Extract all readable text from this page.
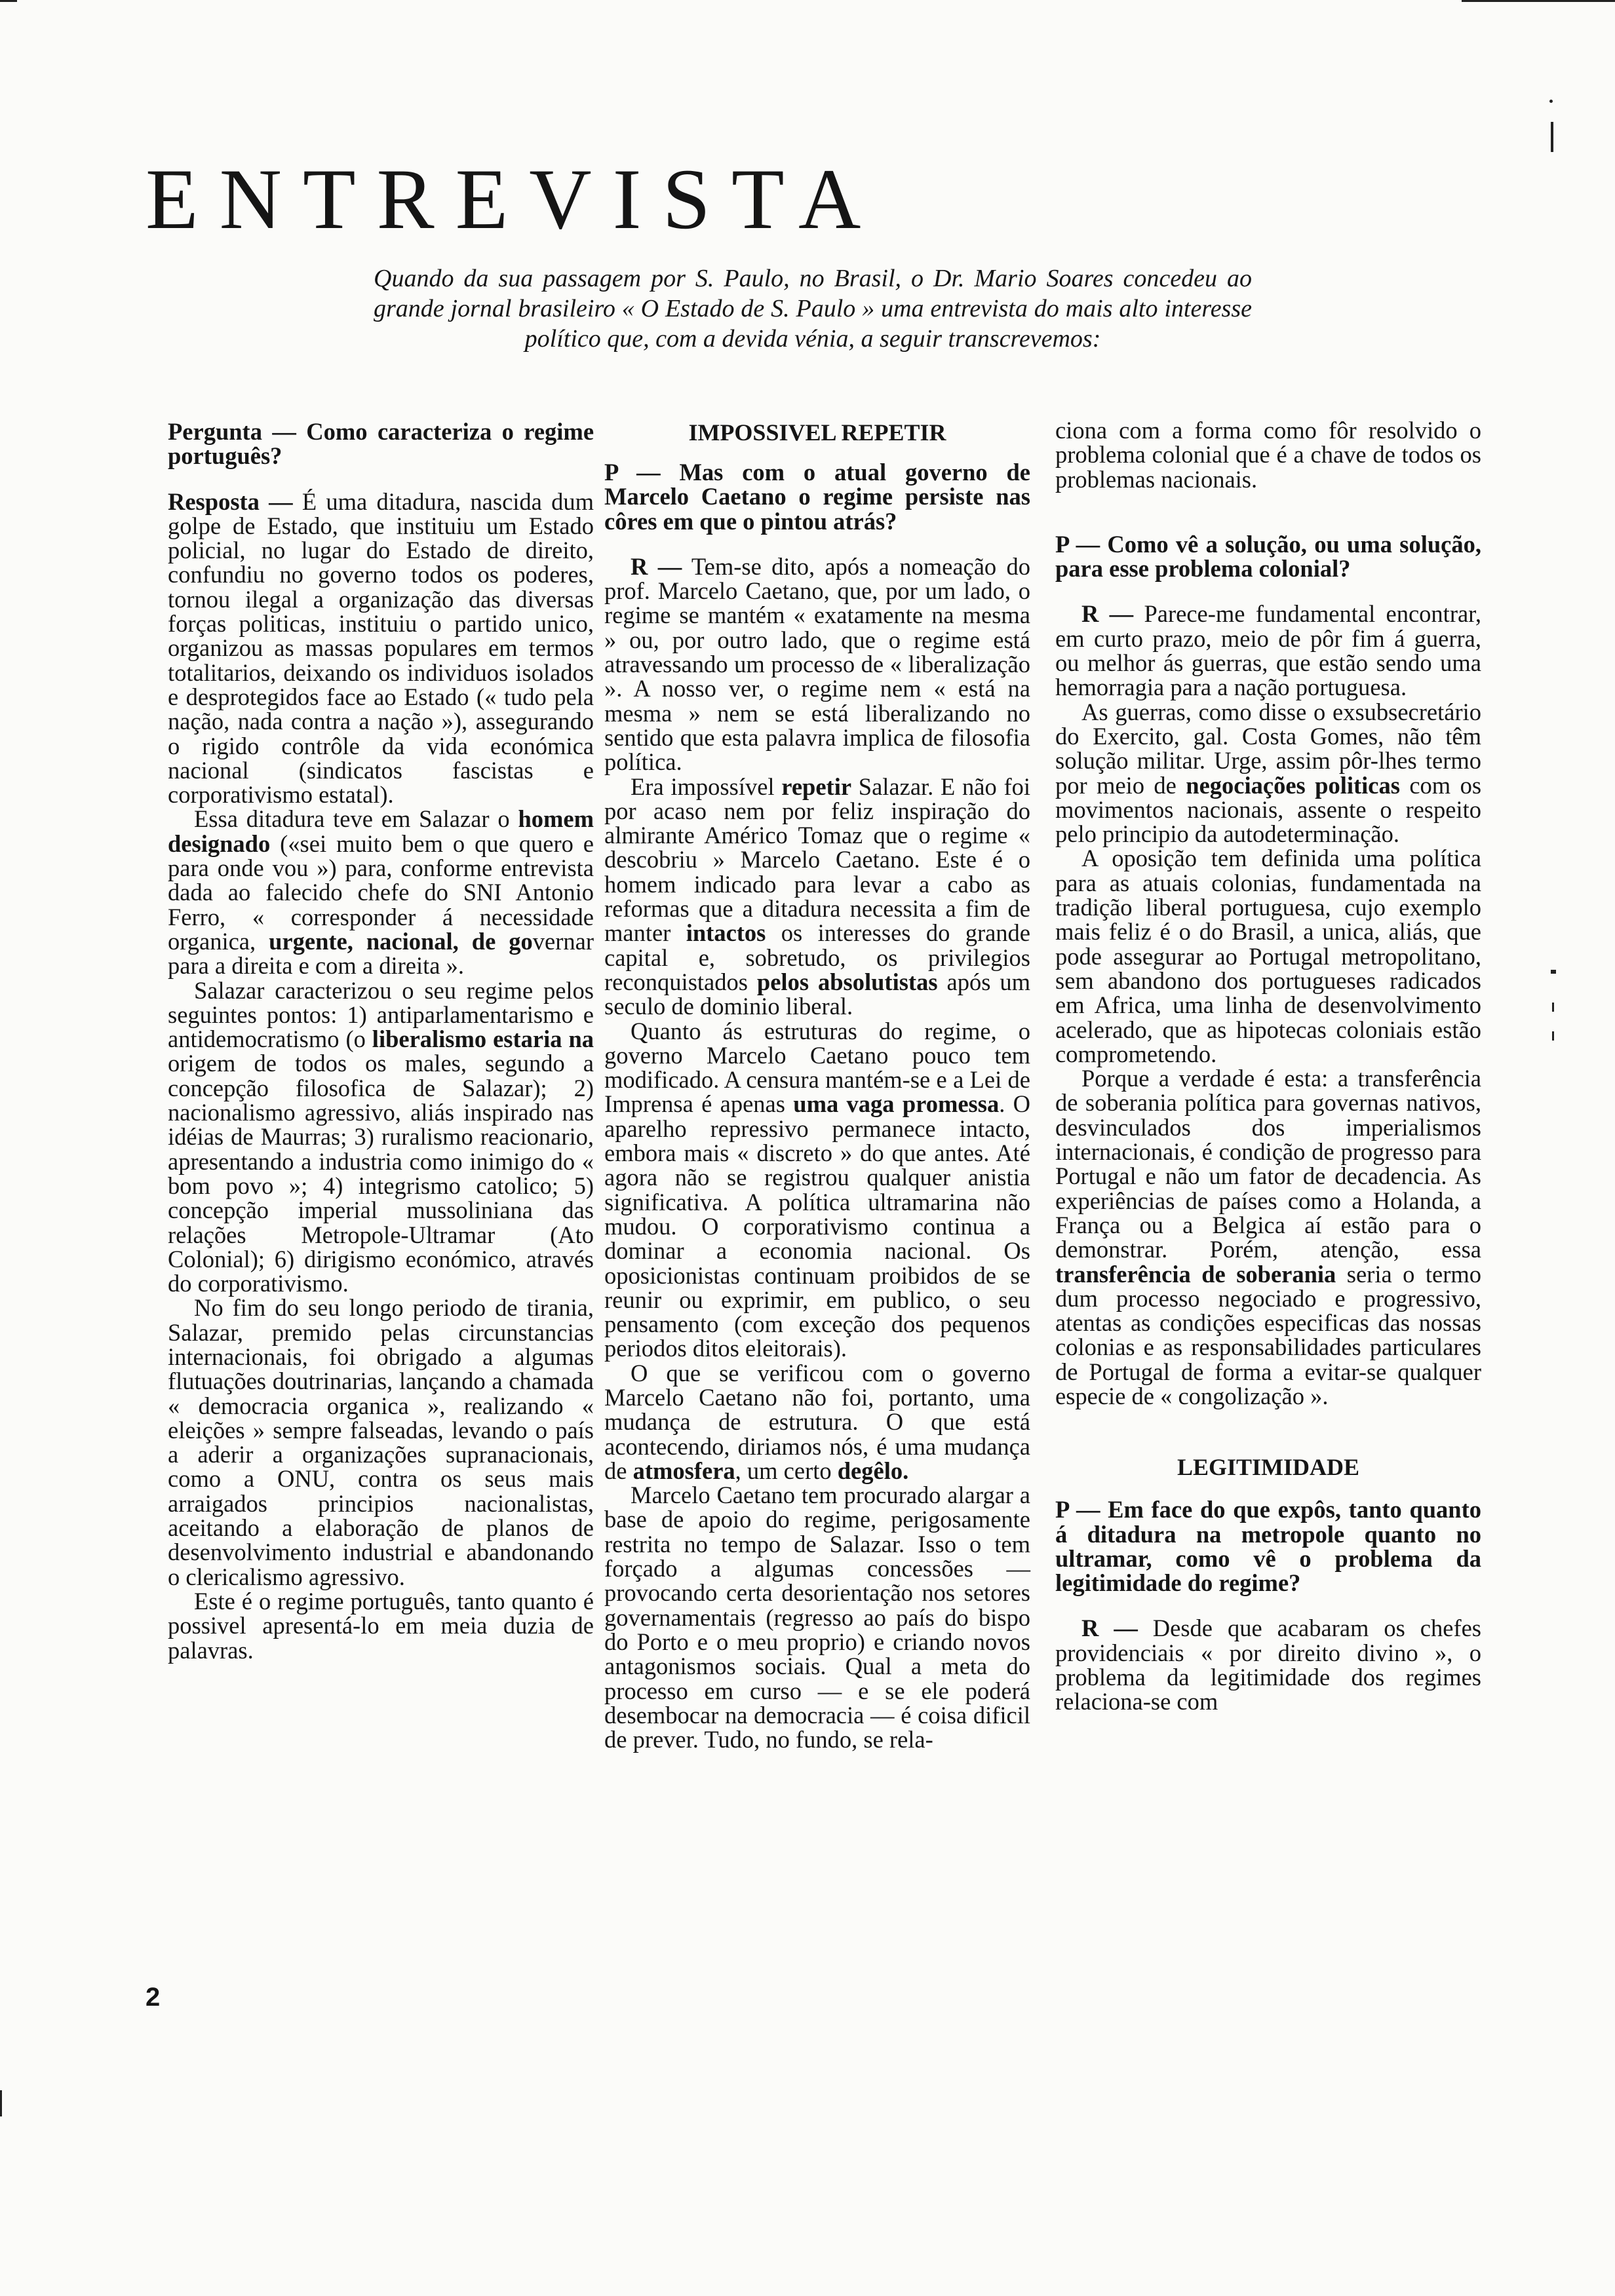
ENTREVISTA

Quando da sua passagem por S. Paulo, no Brasil, o Dr. Mario Soares concedeu ao grande jornal brasileiro « O Estado de S. Paulo » uma entrevista do mais alto interesse político que, com a devida vénia, a seguir transcrevemos:

Pergunta — Como caracteriza o regime português?

Resposta — É uma ditadura, nascida dum golpe de Estado, que instituiu um Estado policial, no lugar do Estado de direito, confundiu no governo todos os poderes, tornou ilegal a organização das diversas forças politicas, instituiu o partido unico, organizou as massas populares em termos totalitarios, deixando os individuos isolados e desprotegidos face ao Estado (« tudo pela nação, nada contra a nação »), assegurando o rigido contrôle da vida económica nacional (sindicatos fascistas e corporativismo estatal).

Essa ditadura teve em Salazar o homem designado («sei muito bem o que quero e para onde vou ») para, conforme entrevista dada ao falecido chefe do SNI Antonio Ferro, « corresponder á necessidade organica, urgente, nacional, de governar para a direita e com a direita ».

Salazar caracterizou o seu regime pelos seguintes pontos: 1) antiparlamentarismo e antidemocratismo (o liberalismo estaria na origem de todos os males, segundo a concepção filosofica de Salazar); 2) nacionalismo agressivo, aliás inspirado nas idéias de Maurras; 3) ruralismo reacionario, apresentando a industria como inimigo do « bom povo »; 4) integrismo catolico; 5) concepção imperial mussoliniana das relações Metropole-Ultramar (Ato Colonial); 6) dirigismo económico, através do corporativismo.

No fim do seu longo periodo de tirania, Salazar, premido pelas circunstancias internacionais, foi obrigado a algumas flutuações doutrinarias, lançando a chamada « democracia organica », realizando « eleições » sempre falseadas, levando o país a aderir a organizações supranacionais, como a ONU, contra os seus mais arraigados principios nacionalistas, aceitando a elaboração de planos de desenvolvimento industrial e abandonando o clericalismo agressivo.

Este é o regime português, tanto quanto é possivel apresentá-lo em meia duzia de palavras.

IMPOSSIVEL REPETIR

P — Mas com o atual governo de Marcelo Caetano o regime persiste nas côres em que o pintou atrás?

R — Tem-se dito, após a nomeação do prof. Marcelo Caetano, que, por um lado, o regime se mantém « exatamente na mesma » ou, por outro lado, que o regime está atravessando um processo de « liberalização ». A nosso ver, o regime nem « está na mesma » nem se está liberalizando no sentido que esta palavra implica de filosofia política.

Era impossível repetir Salazar. E não foi por acaso nem por feliz inspiração do almirante Américo Tomaz que o regime « descobriu » Marcelo Caetano. Este é o homem indicado para levar a cabo as reformas que a ditadura necessita a fim de manter intactos os interesses do grande capital e, sobretudo, os privilegios reconquistados pelos absolutistas após um seculo de dominio liberal.

Quanto ás estruturas do regime, o governo Marcelo Caetano pouco tem modificado. A censura mantém-se e a Lei de Imprensa é apenas uma vaga promessa. O aparelho repressivo permanece intacto, embora mais « discreto » do que antes. Até agora não se registrou qualquer anistia significativa. A política ultramarina não mudou. O corporativismo continua a dominar a economia nacional. Os oposicionistas continuam proibidos de se reunir ou exprimir, em publico, o seu pensamento (com exceção dos pequenos periodos ditos eleitorais).

O que se verificou com o governo Marcelo Caetano não foi, portanto, uma mudança de estrutura. O que está acontecendo, diriamos nós, é uma mudança de atmosfera, um certo degêlo.

Marcelo Caetano tem procurado alargar a base de apoio do regime, perigosamente restrita no tempo de Salazar. Isso o tem forçado a algumas concessões — provocando certa desorientação nos setores governamentais (regresso ao país do bispo do Porto e o meu proprio) e criando novos antagonismos sociais. Qual a meta do processo em curso — e se ele poderá desembocar na democracia — é coisa dificil de prever. Tudo, no fundo, se rela-

ciona com a forma como fôr resolvido o problema colonial que é a chave de todos os problemas nacionais.

P — Como vê a solução, ou uma solução, para esse problema colonial?

R — Parece-me fundamental encontrar, em curto prazo, meio de pôr fim á guerra, ou melhor ás guerras, que estão sendo uma hemorragia para a nação portuguesa.

As guerras, como disse o exsubsecretário do Exercito, gal. Costa Gomes, não têm solução militar. Urge, assim pôr-lhes termo por meio de negociações politicas com os movimentos nacionais, assente o respeito pelo principio da autodeterminação.

A oposição tem definida uma política para as atuais colonias, fundamentada na tradição liberal portuguesa, cujo exemplo mais feliz é o do Brasil, a unica, aliás, que pode assegurar ao Portugal metropolitano, sem abandono dos portugueses radicados em Africa, uma linha de desenvolvimento acelerado, que as hipotecas coloniais estão comprometendo.

Porque a verdade é esta: a transferência de soberania política para governas nativos, desvinculados dos imperialismos internacionais, é condição de progresso para Portugal e não um fator de decadencia. As experiências de países como a Holanda, a França ou a Belgica aí estão para o demonstrar. Porém, atenção, essa transferência de soberania seria o termo dum processo negociado e progressivo, atentas as condições especificas das nossas colonias e as responsabilidades particulares de Portugal de forma a evitar-se qualquer especie de « congolização ».

LEGITIMIDADE

P — Em face do que expôs, tanto quanto á ditadura na metropole quanto no ultramar, como vê o problema da legitimidade do regime?

R — Desde que acabaram os chefes providenciais « por direito divino », o problema da legitimidade dos regimes relaciona-se com

2
